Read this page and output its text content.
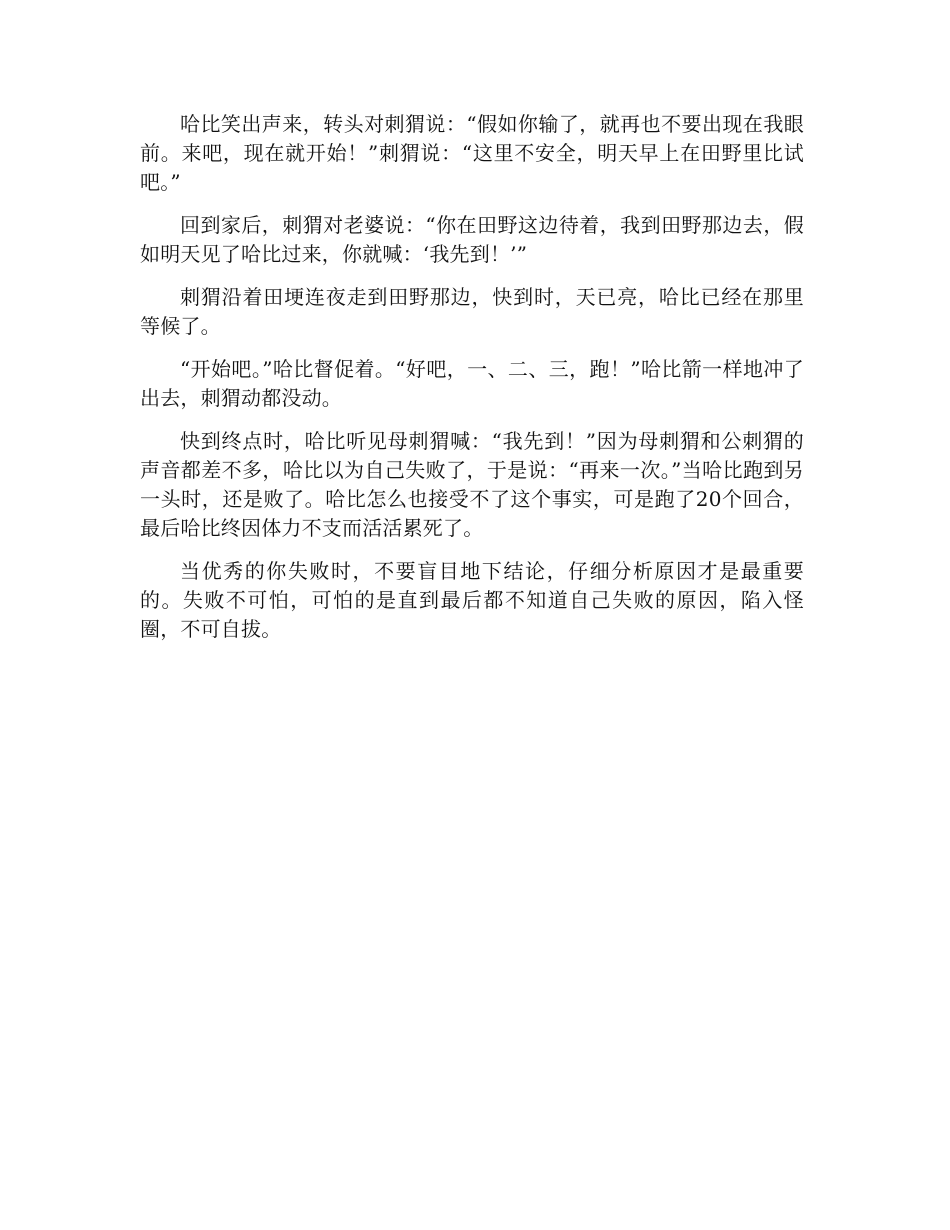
哈比笑出声来，转头对刺猬说：“假如你输了，就再也不要出现在我眼前。来吧，现在就开始！”刺猬说：“这里不安全，明天早上在田野里比试吧。”

回到家后，刺猬对老婆说：“你在田野这边待着，我到田野那边去，假如明天见了哈比过来，你就喊：‘我先到！’”

刺猬沿着田埂连夜走到田野那边，快到时，天已亮，哈比已经在那里等候了。

“开始吧。”哈比督促着。“好吧，一、二、三，跑！”哈比箭一样地冲了出去，刺猬动都没动。

快到终点时，哈比听见母刺猬喊：“我先到！”因为母刺猬和公刺猬的声音都差不多，哈比以为自己失败了，于是说：“再来一次。”当哈比跑到另一头时，还是败了。哈比怎么也接受不了这个事实，可是跑了20个回合，最后哈比终因体力不支而活活累死了。

当优秀的你失败时，不要盲目地下结论，仔细分析原因才是最重要的。失败不可怕，可怕的是直到最后都不知道自己失败的原因，陷入怪圈，不可自拔。
